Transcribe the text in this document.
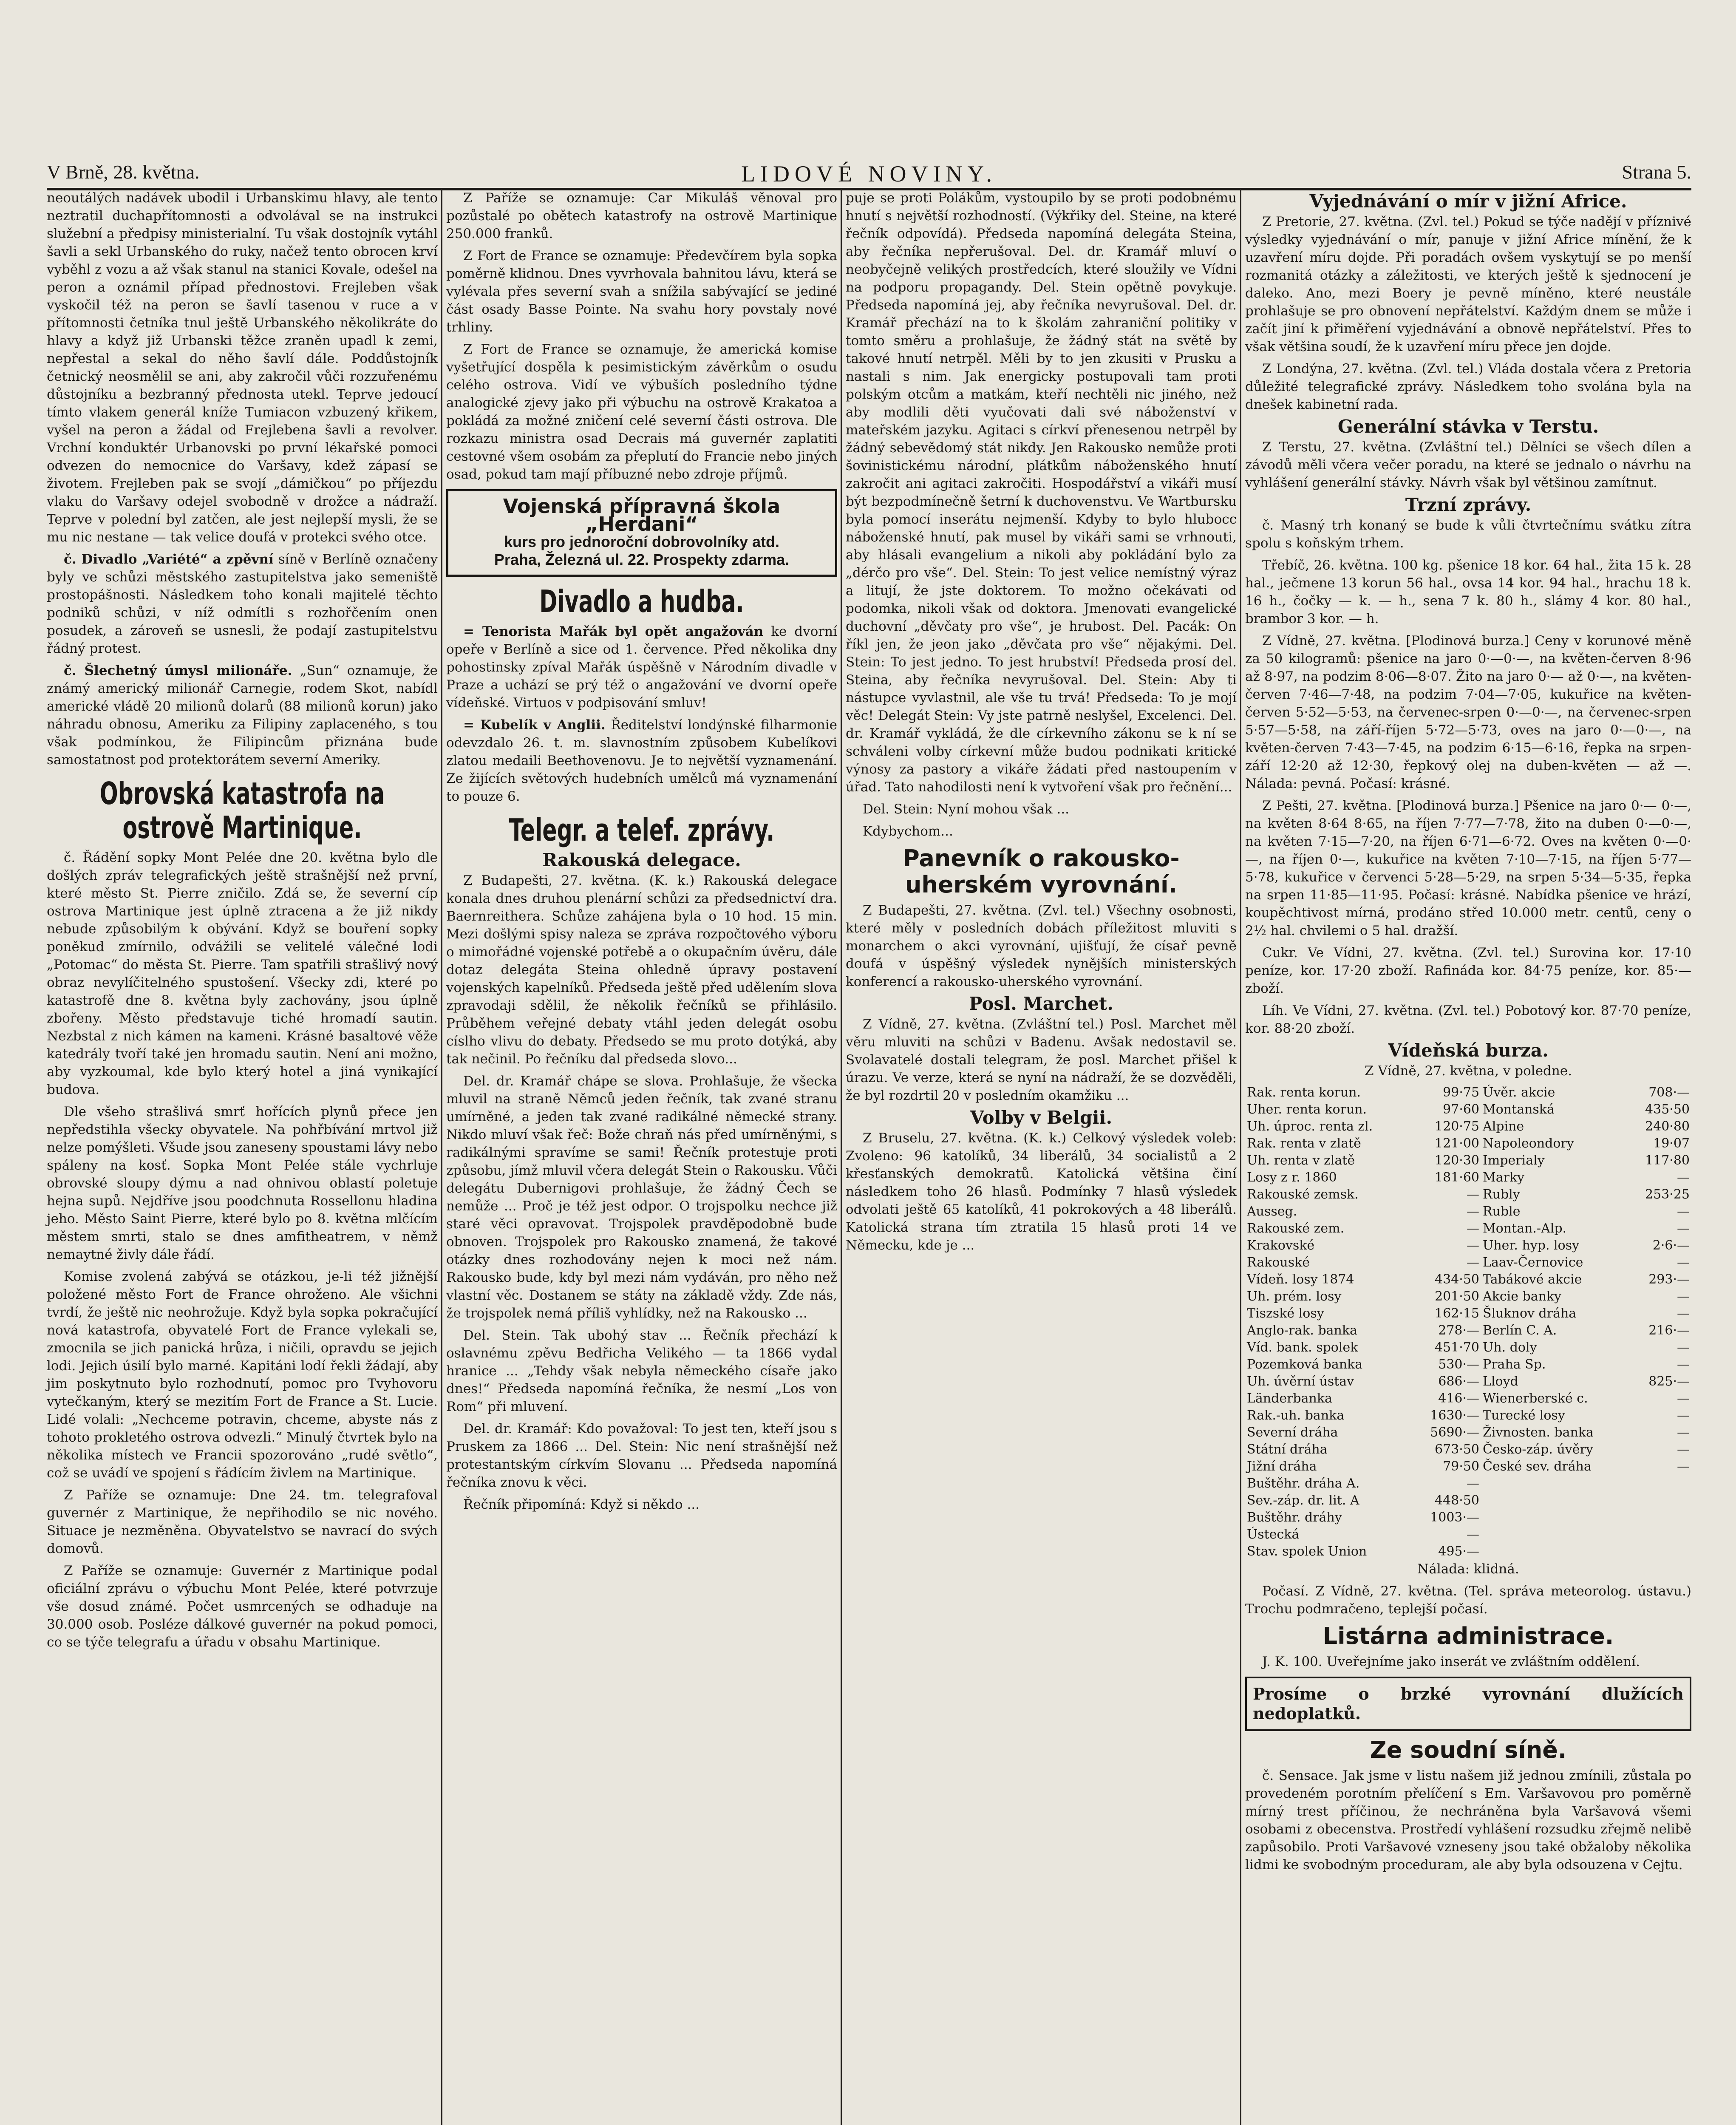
V Brně, 28. května.	LIDOVÉ NOVINY.	Strana 5.

neoutálých nadávek ubodil i Urbanskimu hlavy, ale tento neztratil duchapřítomnosti a odvolával se na instrukci služební a předpisy ministerialní. Tu však dostojník vytáhl šavli a sekl Urbanského do ruky, načež tento obrocen krví vyběhl z vozu a až však stanul na stanici Kovale, odešel na peron a oznámil případ přednostovi. Frejleben však vyskočil též na peron se šavlí tasenou v ruce a v přítomnosti četníka tnul ještě Urbanského několikráte do hlavy a když již Urbanski těžce zraněn upadl k zemi, nepřestal a sekal do něho šavlí dále. Poddůstojník četnický neosmělil se ani, aby zakročil vůči rozzuřenému důstojníku a bezbranný přednosta utekl. Teprve jedoucí tímto vlakem generál kníže Tumiacon vzbuzený křikem, vyšel na peron a žádal od Frejlebena šavli a revolver. Vrchní konduktér Urbanovski po první lékařské pomoci odvezen do nemocnice do Varšavy, kdež zápasí se životem. Frejleben pak se svojí „dámičkou“ po příjezdu vlaku do Varšavy odejel svobodně v drožce a nádraží. Teprve v polední byl zatčen, ale jest nejlepší mysli, že se mu nic nestane — tak velice doufá v protekci svého otce.

č. Divadlo „Variété“ a zpěvní síně v Berlíně označeny byly ve schůzi městského zastupitelstva jako semeniště prostopášnosti. Následkem toho konali majitelé těchto podniků schůzi, v níž odmítli s rozhořčením onen posudek, a zároveň se usnesli, že podají zastupitelstvu řádný protest.

č. Šlechetný úmysl milionáře. „Sun“ oznamuje, že známý americký milionář Carnegie, rodem Skot, nabídl americké vládě 20 milionů dolarů (88 milionů korun) jako náhradu obnosu, Ameriku za Filipiny zaplaceného, s tou však podmínkou, že Filipincům přiznána bude samostatnost pod protektorátem severní Ameriky.

Obrovská katastrofa na ostrově Martinique.

č. Řádění sopky Mont Pelée dne 20. května bylo dle došlých zpráv telegrafických ještě strašnější než první, které město St. Pierre zničilo. Zdá se, že severní cíp ostrova Martinique jest úplně ztracena a že již nikdy nebude způsobilým k obývání. Když se bouření sopky poněkud zmírnilo, odvážili se velitelé válečné lodi „Potomac“ do města St. Pierre. Tam spatřili strašlivý nový obraz nevylíčitelného spustošení. Všecky zdi, které po katastrofě dne 8. května byly zachovány, jsou úplně zbořeny. Město představuje tiché hromadí sautin. Nezbstal z nich kámen na kameni. Krásné basaltové věže katedrály tvoří také jen hromadu sautin. Není ani možno, aby vyzkoumal, kde bylo který hotel a jiná vynikající budova.

Dle všeho strašlivá smrť hořících plynů přece jen nepředstihla všecky obyvatele. Na pohřbívání mrtvol již nelze pomýšleti. Všude jsou zaneseny spoustami lávy nebo spáleny na kosť. Sopka Mont Pelée stále vychrluje obrovské sloupy dýmu a nad ohnivou oblastí poletuje hejna supů. Nejdříve jsou poodchnuta Rossellonu hladina jeho. Město Saint Pierre, které bylo po 8. května mlčícím městem smrti, stalo se dnes amfitheatrem, v němž nemaytné živly dále řádí.

Komise zvolená zabývá se otázkou, je-li též jižnější položené město Fort de France ohroženo. Ale všichni tvrdí, že ještě nic neohrožuje. Když byla sopka pokračující nová katastrofa, obyvatelé Fort de France vylekali se, zmocnila se jich panická hrůza, i ničili, opravdu se jejich lodi. Jejich úsilí bylo marné. Kapitáni lodí řekli žádají, aby jim poskytnuto bylo rozhodnutí, pomoc pro Tvyhovoru vytečkaným, který se mezitím Fort de France a St. Lucie. Lidé volali: „Nechceme potravin, chceme, abyste nás z tohoto prokletého ostrova odvezli.“ Minulý čtvrtek bylo na několika místech ve Francii spozorováno „rudé světlo“, což se uvádí ve spojení s řádícím živlem na Martinique.

Z Paříže se oznamuje: Dne 24. tm. telegrafoval guvernér z Martinique, že nepřihodilo se nic nového. Situace je nezměněna. Obyvatelstvo se navrací do svých domovů.

Z Paříže se oznamuje: Guvernér z Martinique podal oficiální zprávu o výbuchu Mont Pelée, které potvrzuje vše dosud známé. Počet usmrcených se odhaduje na 30.000 osob. Posléze dálkové guvernér na pokud pomoci, co se týče telegrafu a úřadu v obsahu Martinique.

Z Paříže se oznamuje: Car Mikuláš věnoval pro pozůstalé po obětech katastrofy na ostrově Martinique 250.000 franků.

Z Fort de France se oznamuje: Předevčírem byla sopka poměrně klidnou. Dnes vyvrhovala bahnitou lávu, která se vylévala přes severní svah a snížila sabývající se jediné část osady Basse Pointe. Na svahu hory povstaly nové trhliny.

Z Fort de France se oznamuje, že americká komise vyšetřující dospěla k pesimistickým závěrkům o osudu celého ostrova. Vidí ve výbuších posledního týdne analogické zjevy jako při výbuchu na ostrově Krakatoa a pokládá za možné zničení celé severní části ostrova. Dle rozkazu ministra osad Decrais má guvernér zaplatiti cestovné všem osobám za přeplutí do Francie nebo jiných osad, pokud tam mají příbuzné nebo zdroje příjmů.

Vojenská přípravná škola „Herdani“
kurs pro jednoroční dobrovolníky atd.
Praha, Železná ul. 22. Prospekty zdarma.
Divadlo a hudba.

= Tenorista Mařák byl opět angažován ke dvorní opeře v Berlíně a sice od 1. července. Před několika dny pohostinsky zpíval Mařák úspěšně v Národním divadle v Praze a uchází se prý též o angažování ve dvorní opeře vídeňské. Virtuos v podpisování smluv!

= Kubelík v Anglii. Ředitelství londýnské filharmonie odevzdalo 26. t. m. slavnostním způsobem Kubelíkovi zlatou medaili Beethovenovu. Je to největší vyznamenání. Ze žijících světových hudebních umělců má vyznamenání to pouze 6.

Telegr. a telef. zprávy.
Rakouská delegace.

Z Budapešti, 27. května. (K. k.) Rakouská delegace konala dnes druhou plenární schůzi za předsednictví dra. Baernreithera. Schůze zahájena byla o 10 hod. 15 min. Mezi došlými spisy naleza se zpráva rozpočtového výboru o mimořádné vojenské potřebě a o okupačním úvěru, dále dotaz delegáta Steina ohledně úpravy postavení vojenských kapelníků. Předseda ještě před udělením slova zpravodaji sdělil, že několik řečníků se přihlásilo. Průběhem veřejné debaty vtáhl jeden delegát osobu císlho vlivu do debaty. Předsedo se mu proto dotýká, aby tak nečinil. Po řečníku dal předseda slovo...

Del. dr. Kramář chápe se slova. Prohlašuje, že všecka mluvil na straně Němců jeden řečník, tak zvané stranu umírněné, a jeden tak zvané radikálné německé strany. Nikdo mluví však řeč: Bože chraň nás před umírněnými, s radikálnými spravíme se sami! Řečník protestuje proti způsobu, jímž mluvil včera delegát Stein o Rakousku. Vůči delegátu Dubernigovi prohlašuje, že žádný Čech se nemůže ... Proč je též jest odpor. O trojspolku nechce již staré věci opravovat. Trojspolek pravděpodobně bude obnoven. Trojspolek pro Rakousko znamená, že takové otázky dnes rozhodovány nejen k moci než nám. Rakousko bude, kdy byl mezi nám vydáván, pro něho než vlastní věc. Dostanem se státy na základě vždy. Zde nás, že trojspolek nemá příliš vyhlídky, než na Rakousko ...

Del. Stein. Tak ubohý stav ... Řečník přechází k oslavnému zpěvu Bedřicha Velikého — ta 1866 vydal hranice ... „Tehdy však nebyla německého císaře jako dnes!“ Předseda napomíná řečníka, že nesmí „Los von Rom“ při mluvení.

Del. dr. Kramář: Kdo považoval: To jest ten, kteří jsou s Pruskem za 1866 ... Del. Stein: Nic není strašnější než protestantským církvím Slovanu ... Předseda napomíná řečníka znovu k věci.

Řečník připomíná: Když si někdo ...

puje se proti Polákům, vystoupilo by se proti podobnému hnutí s největší rozhodností. (Výkřiky del. Steine, na které řečník odpovídá). Předseda napomíná delegáta Steina, aby řečníka nepřerušoval. Del. dr. Kramář mluví o neobyčejně velikých prostředcích, které sloužily ve Vídni na podporu propagandy. Del. Stein opětně povykuje. Předseda napomíná jej, aby řečníka nevyrušoval. Del. dr. Kramář přechází na to k školám zahraniční politiky v tomto směru a prohlašuje, že žádný stát na světě by takové hnutí netrpěl. Měli by to jen zkusiti v Prusku a nastali s nim. Jak energicky postupovali tam proti polským otcům a matkám, kteří nechtěli nic jiného, než aby modlili děti vyučovati dali své náboženství v mateřském jazyku. Agitaci s církví přenesenou netrpěl by žádný sebevědomý stát nikdy. Jen Rakousko nemůže proti šovinistickému národní, plátkům náboženského hnutí zakročit ani agitaci zakročiti. Hospodářství a vikáři musí být bezpodmínečně šetrní k duchovenstvu. Ve Wartbursku byla pomocí inserátu nejmenší. Kdyby to bylo hlubocc náboženské hnutí, pak musel by vikáři sami se vrhnouti, aby hlásali evangelium a nikoli aby pokládání bylo za „dérčo pro vše“. Del. Stein: To jest velice nemístný výraz a litují, že jste doktorem. To možno očekávati od podomka, nikoli však od doktora. Jmenovati evangelické duchovní „děvčaty pro vše“, je hrubost. Del. Pacák: On říkl jen, že jeon jako „děvčata pro vše“ nějakými. Del. Stein: To jest jedno. To jest hrubství! Předseda prosí del. Steina, aby řečníka nevyrušoval. Del. Stein: Aby ti nástupce vyvlastnil, ale vše tu trvá! Předseda: To je mojí věc! Delegát Stein: Vy jste patrně neslyšel, Excelenci. Del. dr. Kramář vykládá, že dle církevního zákonu se k ní se schváleni volby církevní může budou podnikati kritické výnosy za pastory a vikáře žádati před nastoupením v úřad. Tato nahodilosti není k vytvoření však pro řečnění...

Del. Stein: Nyní mohou však ...

Kdybychom...

Panevník o rakousko-uherském vyrovnání.

Z Budapešti, 27. května. (Zvl. tel.) Všechny osobnosti, které měly v posledních dobách příležitost mluviti s monarchem o akci vyrovnání, ujišťují, že císař pevně doufá v úspěšný výsledek nynějších ministerských konferencí a rakousko-uherského vyrovnání.

Posl. Marchet.

Z Vídně, 27. května. (Zvláštní tel.) Posl. Marchet měl věru mluviti na schůzi v Badenu. Avšak nedostavil se. Svolavatelé dostali telegram, že posl. Marchet přišel k úrazu. Ve verze, která se nyní na nádraží, že se dozvěděli, že byl rozdrtil 20 v posledním okamžiku ...

Volby v Belgii.

Z Bruselu, 27. května. (K. k.) Celkový výsledek voleb: Zvoleno: 96 katolíků, 34 liberálů, 34 socialistů a 2 křesťanských demokratů. Katolická většina činí následkem toho 26 hlasů. Podmínky 7 hlasů výsledek odvolati ještě 65 katolíků, 41 pokrokových a 48 liberálů. Katolická strana tím ztratila 15 hlasů proti 14 ve Německu, kde je ...

Vyjednávání o mír v jižní Africe.

Z Pretorie, 27. května. (Zvl. tel.) Pokud se týče nadějí v příznivé výsledky vyjednávání o mír, panuje v jižní Africe mínění, že k uzavření míru dojde. Při poradách ovšem vyskytují se po menší rozmanitá otázky a záležitosti, ve kterých ještě k sjednocení je daleko. Ano, mezi Boery je pevně míněno, které neustále prohlašuje se pro obnovení nepřátelství. Každým dnem se může i začít jiní k přiměření vyjednávání a obnově nepřátelství. Přes to však většina soudí, že k uzavření míru přece jen dojde.

Z Londýna, 27. května. (Zvl. tel.) Vláda dostala včera z Pretoria důležité telegrafické zprávy. Následkem toho svolána byla na dnešek kabinetní rada.

Generální stávka v Terstu.

Z Terstu, 27. května. (Zvláštní tel.) Dělníci se všech dílen a závodů měli včera večer poradu, na které se jednalo o návrhu na vyhlášení generální stávky. Návrh však byl většinou zamítnut.

Trzní zprávy.

č. Masný trh konaný se bude k vůli čtvrtečnímu svátku zítra spolu s koňským trhem.

Třebíč, 26. května. 100 kg. pšenice 18 kor. 64 hal., žita 15 k. 28 hal., ječmene 13 korun 56 hal., ovsa 14 kor. 94 hal., hrachu 18 k. 16 h., čočky — k. — h., sena 7 k. 80 h., slámy 4 kor. 80 hal., brambor 3 kor. — h.

Z Vídně, 27. května. [Plodinová burza.] Ceny v korunové měně za 50 kilogramů: pšenice na jaro 0·—0·—, na květen-červen 8·96 až 8·97, na podzim 8·06—8·07. Žito na jaro 0·— až 0·—, na květen-červen 7·46—7·48, na podzim 7·04—7·05, kukuřice na květen-červen 5·52—5·53, na červenec-srpen 0·—0·—, na červenec-srpen 5·57—5·58, na září-říjen 5·72—5·73, oves na jaro 0·—0·—, na květen-červen 7·43—7·45, na podzim 6·15—6·16, řepka na srpen-září 12·20 až 12·30, řepkový olej na duben-květen — až —. Nálada: pevná. Počasí: krásné.

Z Pešti, 27. května. [Plodinová burza.] Pšenice na jaro 0·— 0·—, na květen 8·64 8·65, na říjen 7·77—7·78, žito na duben 0·—0·—, na květen 7·15—7·20, na říjen 6·71—6·72. Oves na květen 0·—0·—, na říjen 0·—, kukuřice na květen 7·10—7·15, na říjen 5·77—5·78, kukuřice v červenci 5·28—5·29, na srpen 5·34—5·35, řepka na srpen 11·85—11·95. Počasí: krásné. Nabídka pšenice ve hrází, koupěchtivost mírná, prodáno střed 10.000 metr. centů, ceny o 2½ hal. chvilemi o 5 hal. dražší.

Cukr. Ve Vídni, 27. května. (Zvl. tel.) Surovina kor. 17·10 peníze, kor. 17·20 zboží. Rafináda kor. 84·75 peníze, kor. 85·— zboží.

Líh. Ve Vídni, 27. května. (Zvl. tel.) Pobotový kor. 87·70 peníze, kor. 88·20 zboží.

Vídeňská burza.

Z Vídně, 27. května, v poledne.

Rak. renta korun.	99·75	Úvěr. akcie	708·—
Uher. renta korun.	97·60	Montanská	435·50
Uh. úproc. renta zl.	120·75	Alpine	240·80
Rak. renta v zlatě	121·00	Napoleondory	19·07
Uh. renta v zlatě	120·30	Imperialy	117·80
Losy z r. 1860	181·60	Marky	—
Rakouské zemsk.	—	Rubly	253·25
Ausseg.	—	Ruble	—
Rakouské zem.	—	Montan.-Alp.	—
Krakovské	—	Uher. hyp. losy	2·6·—
Rakouské	—	Laav-Černovice	—
Vídeň. losy 1874	434·50	Tabákové akcie	293·—
Uh. prém. losy	201·50	Akcie banky	—
Tiszské losy	162·15	Šluknov dráha	—
Anglo-rak. banka	278·—	Berlín C. A.	216·—
Víd. bank. spolek	451·70	Uh. doly	—
Pozemková banka	530·—	Praha Sp.	—
Uh. úvěrní ústav	686·—	Lloyd	825·—
Länderbanka	416·—	Wienerberské c.	—
Rak.-uh. banka	1630·—	Turecké losy	—
Severní dráha	5690·—	Živnosten. banka	—
Státní dráha	673·50	Česko-záp. úvěry	—
Jižní dráha	79·50	České sev. dráha	—
Buštěhr. dráha A.	—		
Sev.-záp. dr. lit. A	448·50		
Buštěhr. dráhy	1003·—		
Ústecká	—		
Stav. spolek Union	495·—		

Nálada: klidná.

Počasí. Z Vídně, 27. května. (Tel. správa meteorolog. ústavu.) Trochu podmračeno, teplejší počasí.

Listárna administrace.

J. K. 100. Uveřejníme jako inserát ve zvláštním oddělení.

Prosíme o brzké vyrovnání dlužících nedoplatků.
Ze soudní síně.

č. Sensace. Jak jsme v listu našem již jednou zmínili, zůstala po provedeném porotním přelíčení s Em. Varšavovou pro poměrně mírný trest příčinou, že nechráněna byla Varšavová všemi osobami z obecenstva. Prostředí vyhlášení rozsudku zřejmě nelibě zapůsobilo. Proti Varšavové vzneseny jsou také obžaloby několika lidmi ke svobodným proceduram, ale aby byla odsouzena v Cejtu.
